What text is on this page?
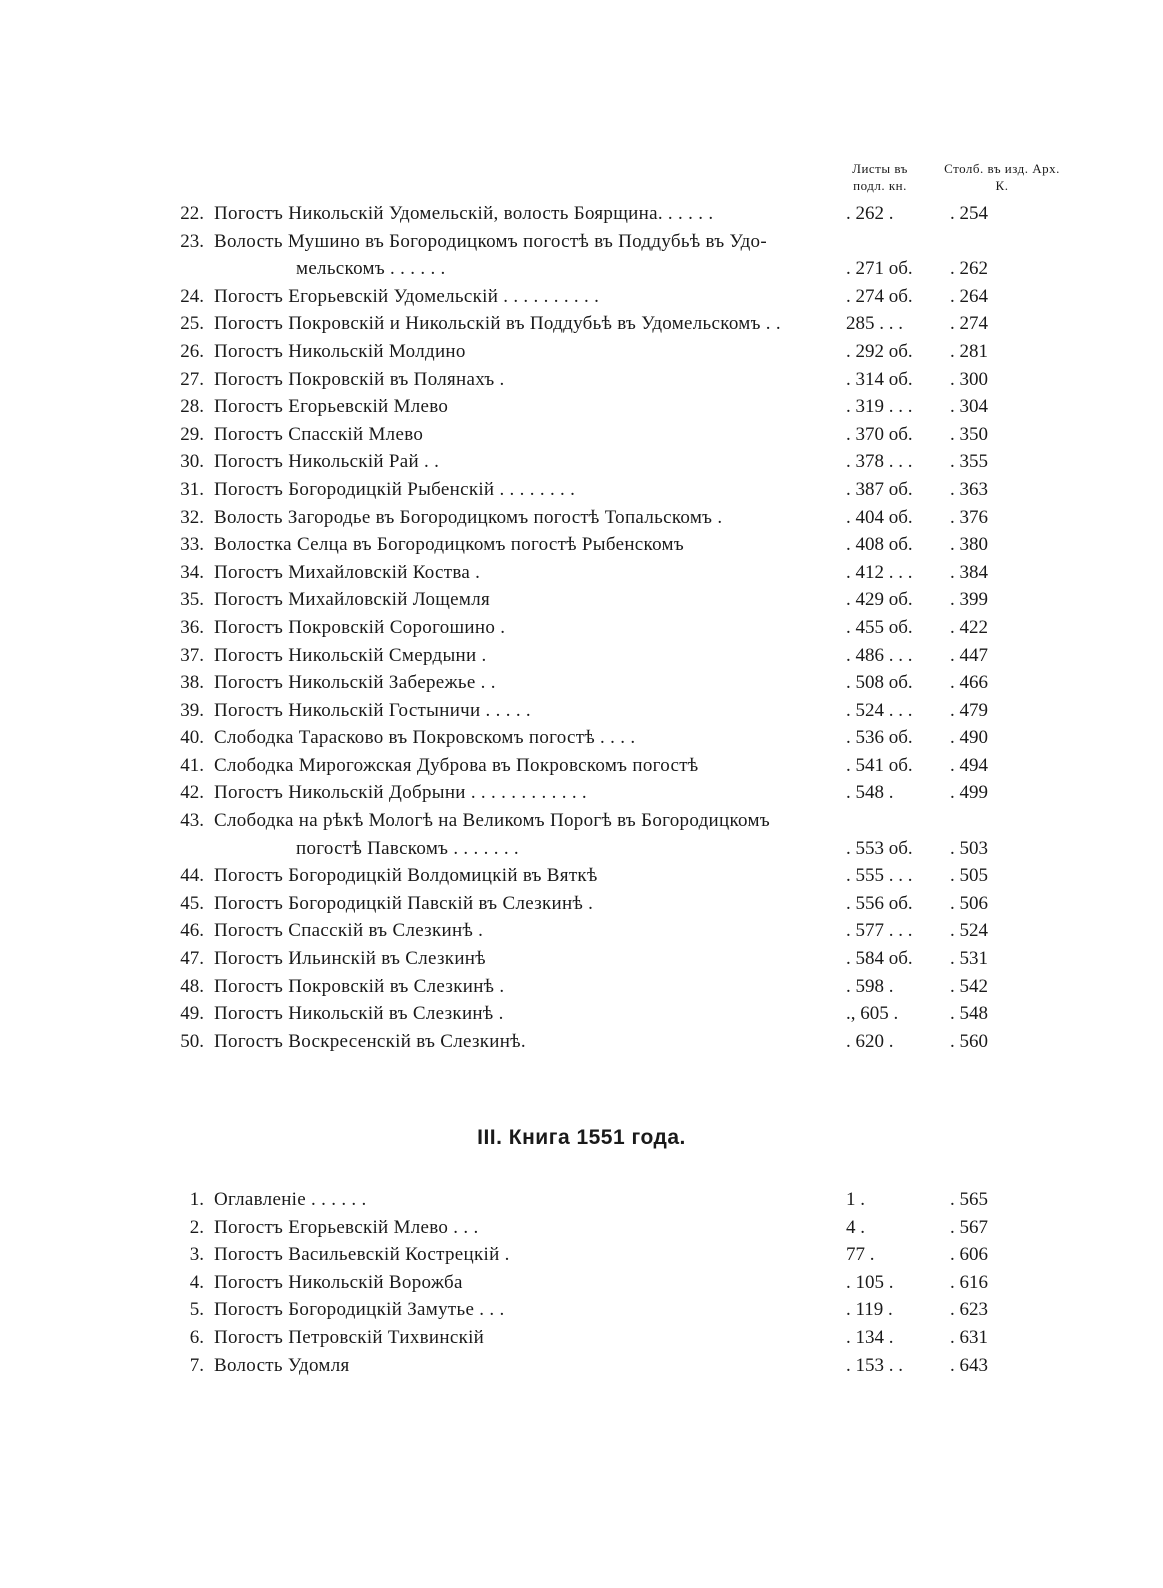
Листы въ подл. кн.
Столб. въ изд. Арх. К.
22. Погостъ Никольскій Удомельскій, волость Боярщина. . . . . .	. 262 .	. 254
23. Волость Мушино въ Богородицкомъ погостѣ въ Поддубьѣ въ Удо-
мельскомъ . . . . . .	. 271 об.	. 262
24. Погостъ Егорьевскій Удомельскій . . . . . . . . . .	. 274 об.	. 264
25. Погостъ Покровскій и Никольскій въ Поддубьѣ въ Удомельскомъ . .	285 . . .	. 274
26. Погостъ Никольскій Молдино	. 292 об.	. 281
27. Погостъ Покровскій въ Полянахъ .	. 314 об.	. 300
28. Погостъ Егорьевскій Млево	. 319 . . .	. 304
29. Погостъ Спасскій Млево	. 370 об.	. 350
30. Погостъ Никольскій Рай . .	. 378 . . .	. 355
31. Погостъ Богородицкій Рыбенскій . . . . . . . .	. 387 об.	. 363
32. Волость Загородье въ Богородицкомъ погостѣ Топальскомъ .	. 404 об.	. 376
33. Волостка Селца въ Богородицкомъ погостѣ Рыбенскомъ	. 408 об.	. 380
34. Погостъ Михайловскій Коства .	. 412 . . .	. 384
35. Погостъ Михайловскій Лощемля	. 429 об.	. 399
36. Погостъ Покровскій Сорогошино .	. 455 об.	. 422
37. Погостъ Никольскій Смердыни .	. 486 . . .	. 447
38. Погостъ Никольскій Забережье . .	. 508 об.	. 466
39. Погостъ Никольскій Гостыничи . . . . .	. 524 . . .	. 479
40. Слободка Тарасково въ Покровскомъ погостѣ . . . .	. 536 об.	. 490
41. Слободка Мирогожская Дуброва въ Покровскомъ погостѣ	. 541 об.	. 494
42. Погостъ Никольскій Добрыни . . . . . . . . . . . .	. 548 .	. 499
43. Слободка на рѣкѣ Мологѣ на Великомъ Порогѣ въ Богородицкомъ
погостѣ Павскомъ . . . . . . .	. 553 об.	. 503
44. Погостъ Богородицкій Волдомицкій въ Вяткѣ	. 555 . . .	. 505
45. Погостъ Богородицкій Павскій въ Слезкинѣ .	. 556 об.	. 506
46. Погостъ Спасскій въ Слезкинѣ .	. 577 . . .	. 524
47. Погостъ Ильинскій въ Слезкинѣ	. 584 об.	. 531
48. Погостъ Покровскій въ Слезкинѣ .	. 598 .	. 542
49. Погостъ Никольскій въ Слезкинѣ .	., 605 .	. 548
50. Погостъ Воскресенскій въ Слезкинѣ.	. 620 .	. 560
III. Книга 1551 года.
1. Оглавленіе . . . . . .	1 .	. 565
2. Погостъ Егорьевскій Млево . . .	4 .	. 567
3. Погостъ Васильевскій Кострецкій .	77 .	. 606
4. Погостъ Никольскій Ворожба	. 105 .	. 616
5. Погостъ Богородицкій Замутье . . .	. 119 .	. 623
6. Погостъ Петровскій Тихвинскій	. 134 .	. 631
7. Волость Удомля	. 153 . .	. 643
